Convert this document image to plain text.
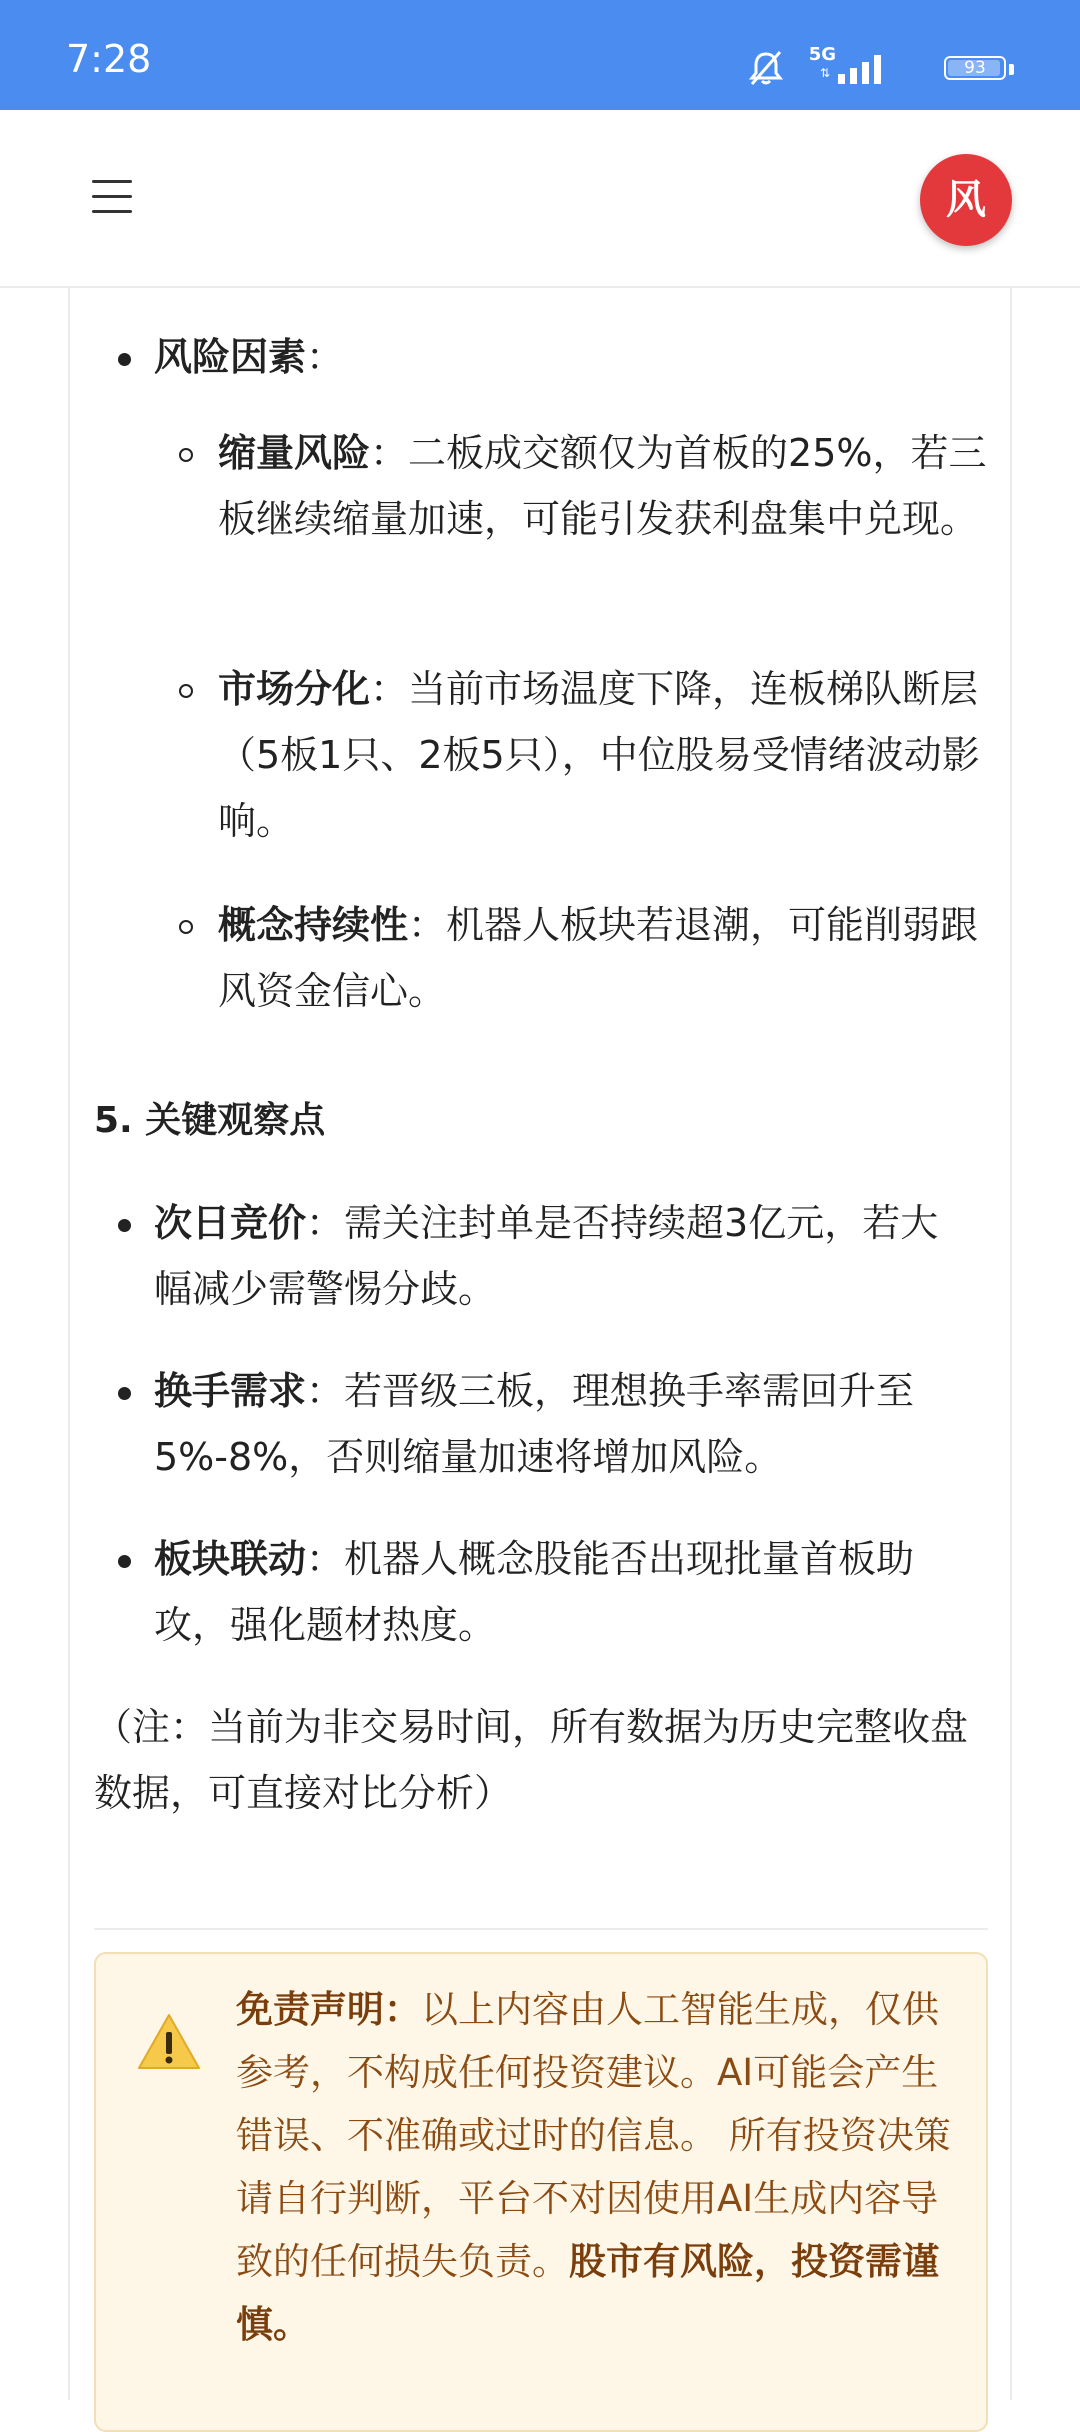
7:28	5G
⇅	93
风

风险因素：

缩量风险：二板成交额仅为首板的25%，若三板继续缩量加速，可能引发获利盘集中兑现。

市场分化：当前市场温度下降，连板梯队断层（5板1只、2板5只），中位股易受情绪波动影响。

概念持续性：机器人板块若退潮，可能削弱跟风资金信心。

5. 关键观察点

次日竞价：需关注封单是否持续超3亿元，若大幅减少需警惕分歧。

换手需求：若晋级三板，理想换手率需回升至5%-8%，否则缩量加速将增加风险。

板块联动：机器人概念股能否出现批量首板助攻，强化题材热度。

（注：当前为非交易时间，所有数据为历史完整收盘数据，可直接对比分析）

免责声明：以上内容由人工智能生成，仅供参考，不构成任何投资建议。AI可能会产生错误、不准确或过时的信息。 所有投资决策请自行判断，平台不对因使用AI生成内容导致的任何损失负责。股市有风险，投资需谨慎。
